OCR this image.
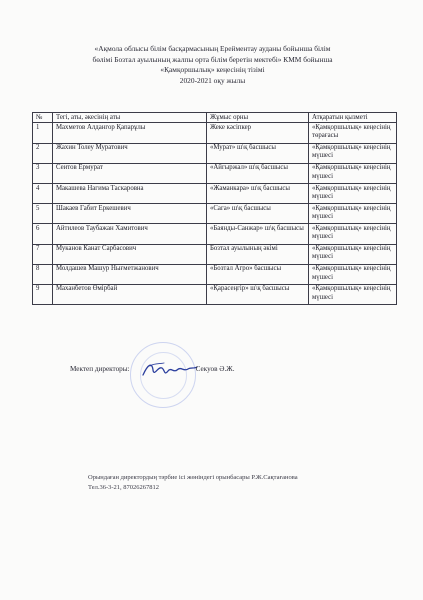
«Ақмола облысы білім басқармасының Ерейментау ауданы бойынша білім
бөлімі Бозтал ауылының жалпы орта білім беретін мектебі» КММ бойынша
«Қамқоршылық» кеңесінің тізімі
2020-2021 оқу жылы
№	Тегі, аты, әкесінің аты	Жұмыс орны	Атқаратын қызметі
1	Махметов Алдангор Қапарұлы	Жеке кәсіпкер	«Қамқоршылық» кеңесінің төрағасы
2	Жахин Толеу Муратович	«Мурат» ш\қ басшысы	«Қамқоршылық» кеңесінің мүшесі
3	Сеитов Ермурат	«Айгыржал» ш\қ басшысы	«Қамқоршылық» кеңесінің мүшесі
4	Макашева Нагима Таскаровна	«Жаманкара» ш\қ басшысы	«Қамқоршылық» кеңесінің мүшесі
5	Шакаев Габит Еркешевич	«Сага» ш\қ басшысы	«Қамқоршылық» кеңесінің мүшесі
6	Айтилеов Таубажан Хамитович	«Баянды-Санжар» ш\қ басшысы	«Қамқоршылық» кеңесінің мүшесі
7	Муканов Канат Сарбасович	Бозтал ауылының әкімі	«Қамқоршылық» кеңесінің мүшесі
8	Молдашев Машур Нығметжанович	«Бозтал Агро» басшысы	«Қамқоршылық» кеңесінің мүшесі
9	Маханбетов Өмірбай	«Қарасеңгір» ш\қ басшысы	«Қамқоршылық» кеңесінің мүшесі
Мектеп директоры:	Секуов Ә.Ж.
Орындаған директордың тәрбие ісі жөніндегі орынбасары Р.Ж.Сақтағанова
Тел.36-3-21, 87026267812
